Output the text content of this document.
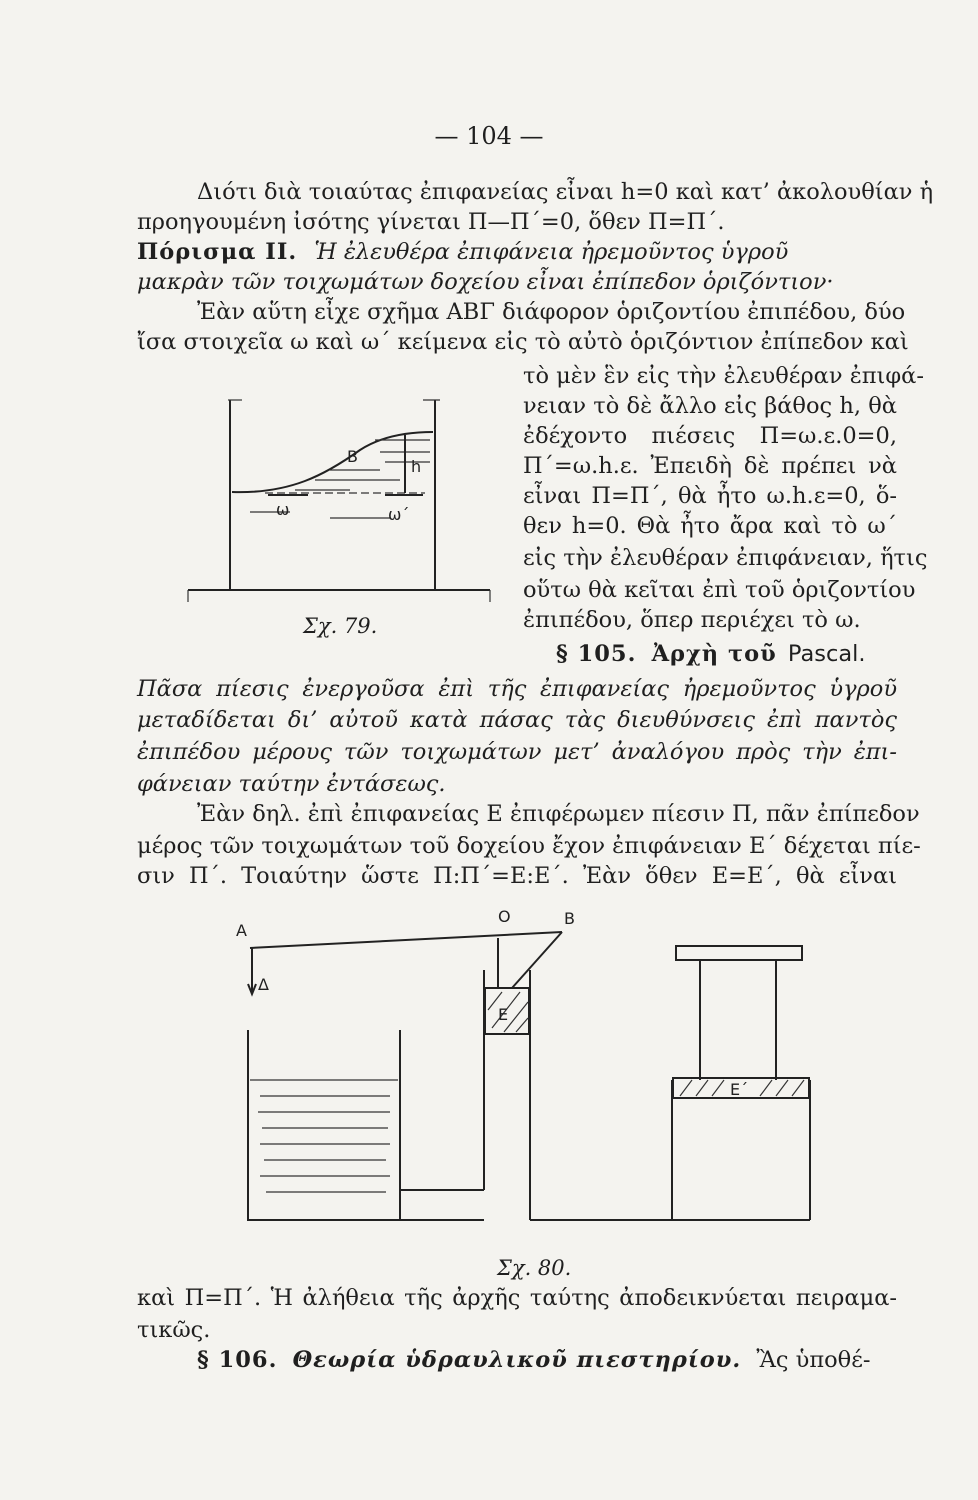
— 104 —
Διότι διὰ τοιαύτας ἐπιφανείας εἶναι h=0 καὶ κατ’ ἀκολουθίαν ἡ
προηγουμένη ἰσότης γίνεται Π—Π΄=0, ὅθεν Π=Π΄.
Πόρισμα ΙΙ. Ἡ ἐλευθέρα ἐπιφάνεια ἠρεμοῦντος ὑγροῦ
μακρὰν τῶν τοιχωμάτων δοχείου εἶναι ἐπίπεδον ὁριζόντιον·
Ἐὰν αὕτη εἶχε σχῆμα ΑΒΓ διάφορον ὁριζοντίου ἐπιπέδου, δύο
ἴσα στοιχεῖα ω καὶ ω΄ κείμενα εἰς τὸ αὐτὸ ὁριζόντιον ἐπίπεδον καὶ
τὸ μὲν ἓν εἰς τὴν ἐλευθέραν ἐπιφά-
νειαν τὸ δὲ ἄλλο εἰς βάθος h, θὰ
ἐδέχοντο πιέσεις Π=ω.ε.0=0,
Π΄=ω.h.ε. Ἐπειδὴ δὲ πρέπει νὰ
εἶναι Π=Π΄, θὰ ἦτο ω.h.ε=0, ὅ-
θεν h=0. Θὰ ἦτο ἄρα καὶ τὸ ω΄
εἰς τὴν ἐλευθέραν ἐπιφάνειαν, ἥτις
οὕτω θὰ κεῖται ἐπὶ τοῦ ὁριζοντίου
ἐπιπέδου, ὅπερ περιέχει τὸ ω.
B
h
ω	ω΄
Σχ. 79.
§ 105. Ἀρχὴ τοῦ Pascal.
Πᾶσα πίεσις ἐνεργοῦσα ἐπὶ τῆς ἐπιφανείας ἠρεμοῦντος ὑγροῦ
μεταδίδεται δι’ αὐτοῦ κατὰ πάσας τὰς διευθύνσεις ἐπὶ παντὸς
ἐπιπέδου μέρους τῶν τοιχωμάτων μετ’ ἀναλόγου πρὸς τὴν ἐπι-
φάνειαν ταύτην ἐντάσεως.
Ἐὰν δηλ. ἐπὶ ἐπιφανείας Ε ἐπιφέρωμεν πίεσιν Π, πᾶν ἐπίπεδον
μέρος τῶν τοιχωμάτων τοῦ δοχείου ἔχον ἐπιφάνειαν Ε΄ δέχεται πίε-
σιν Π΄. Τοιαύτην ὥστε Π:Π΄=Ε:Ε΄. Ἐὰν ὅθεν Ε=Ε΄, θὰ εἶναι
A
O	B
Δ
E
E΄
Σχ. 80.
καὶ Π=Π΄. Ἡ ἀλήθεια τῆς ἀρχῆς ταύτης ἀποδεικνύεται πειραμα-
τικῶς.
§ 106. Θεωρία ὑδραυλικοῦ πιεστηρίου. Ἂς ὑποθέ-
